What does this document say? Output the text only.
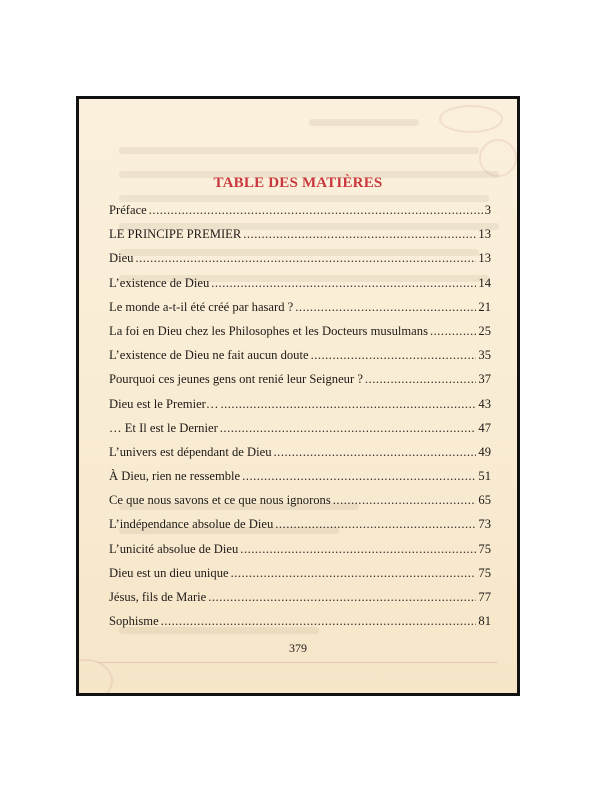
TABLE DES MATIÈRES
Préface .....	3
LE PRINCIPE PREMIER .....	13
Dieu .....	13
L’existence de Dieu .....	14
Le monde a-t-il été créé par hasard ? .....	21
La foi en Dieu chez les Philosophes et les Docteurs musulmans .....	25
L’existence de Dieu ne fait aucun doute .....	35
Pourquoi ces jeunes gens ont renié leur Seigneur ? .....	37
Dieu est le Premier… .....	43
… Et Il est le Dernier .....	47
L’univers est dépendant de Dieu .....	49
À Dieu, rien ne ressemble .....	51
Ce que nous savons et ce que nous ignorons .....	65
L’indépendance absolue de Dieu .....	73
L’unicité absolue de Dieu .....	75
Dieu est un dieu unique .....	75
Jésus, fils de Marie .....	77
Sophisme .....	81
379
